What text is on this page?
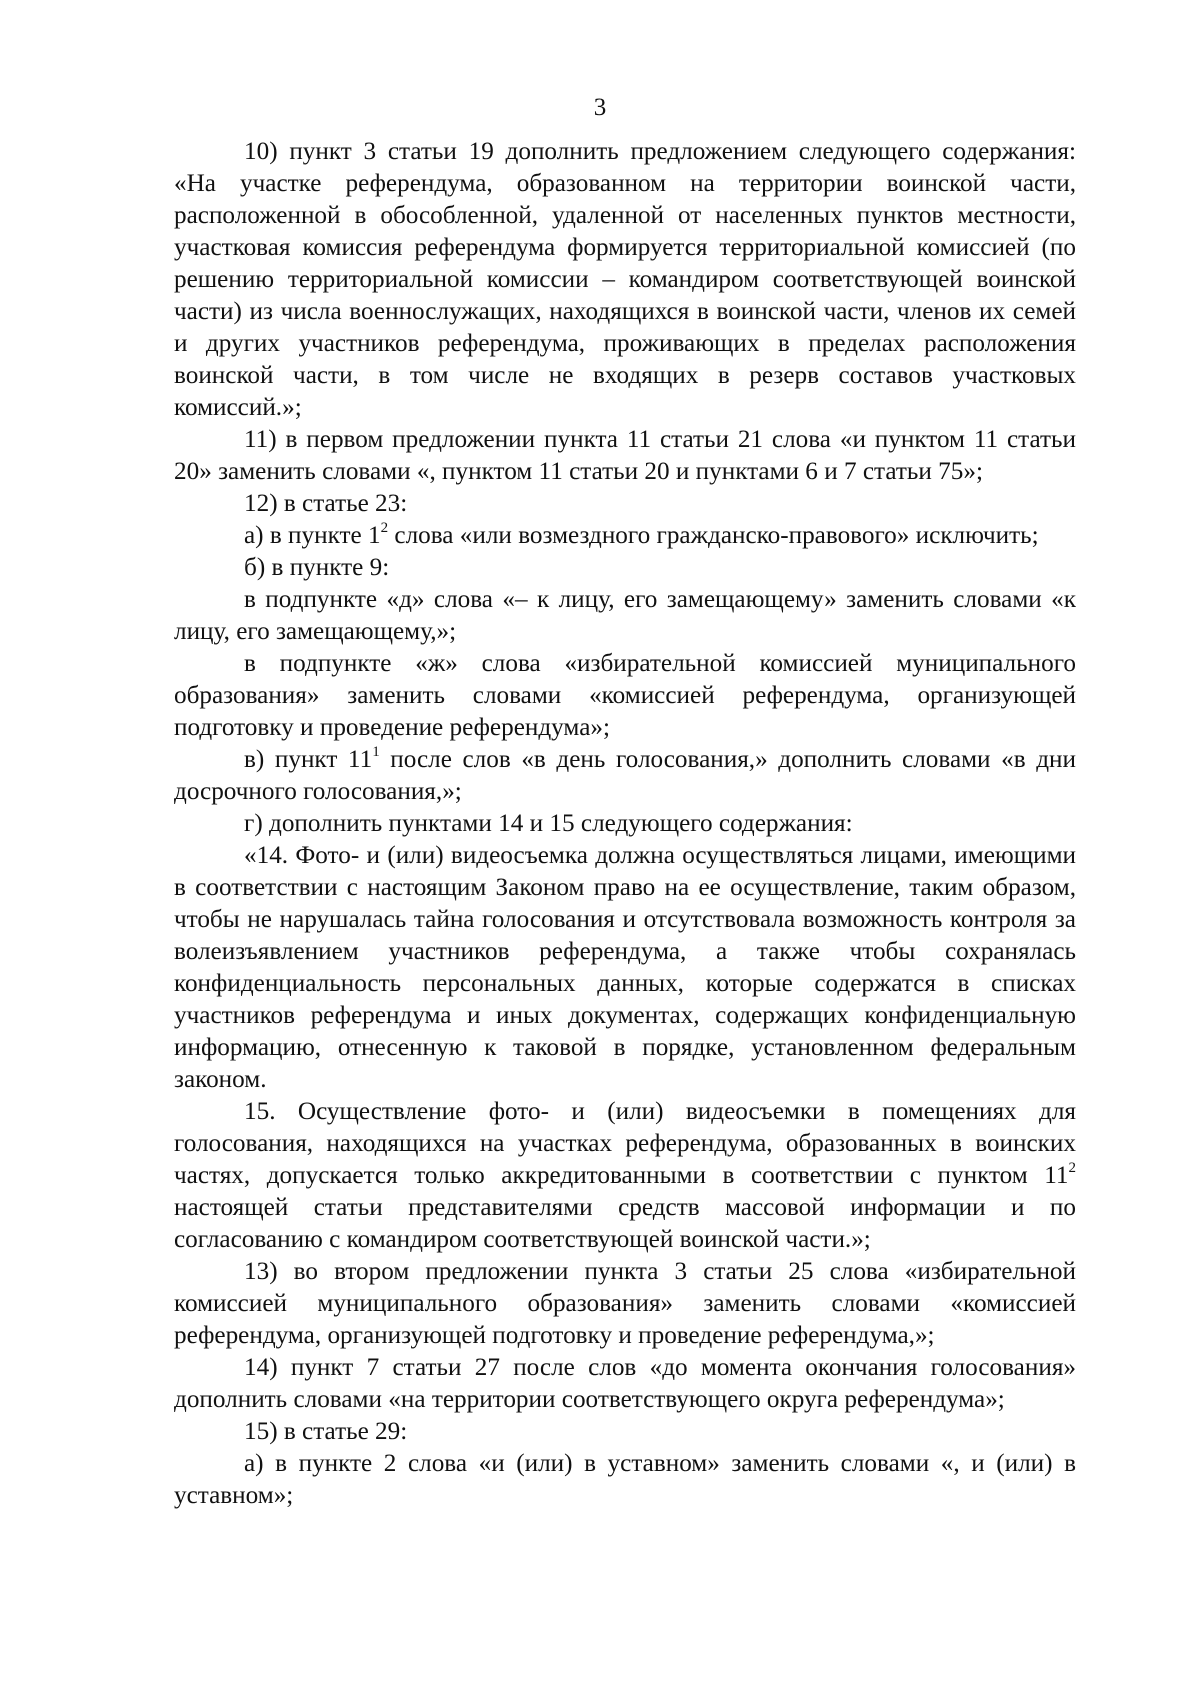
3

10) пункт 3 статьи 19 дополнить предложением следующего содержания: «На участке референдума, образованном на территории воинской части, расположенной в обособленной, удаленной от населенных пунктов местности, участковая комиссия референдума формируется территориальной комиссией (по решению территориальной комиссии – командиром соответствующей воинской части) из числа военнослужащих, находящихся в воинской части, членов их семей и других участников референдума, проживающих в пределах расположения воинской части, в том числе не входящих в резерв составов участковых комиссий.»;

11) в первом предложении пункта 11 статьи 21 слова «и пунктом 11 статьи 20» заменить словами «, пунктом 11 статьи 20 и пунктами 6 и 7 статьи 75»;

12) в статье 23:

а) в пункте $1^2$ слова «или возмездного гражданско-правового» исключить;

б) в пункте 9:

в подпункте «д» слова «– к лицу, его замещающему» заменить словами «к лицу, его замещающему,»;

в подпункте «ж» слова «избирательной комиссией муниципального образования» заменить словами «комиссией референдума, организующей подготовку и проведение референдума»;

в) пункт $11^1$ после слов «в день голосования,» дополнить словами «в дни досрочного голосования,»;

г) дополнить пунктами 14 и 15 следующего содержания:

«14. Фото- и (или) видеосъемка должна осуществляться лицами, имеющими в соответствии с настоящим Законом право на ее осуществление, таким образом, чтобы не нарушалась тайна голосования и отсутствовала возможность контроля за волеизъявлением участников референдума, а также чтобы сохранялась конфиденциальность персональных данных, которые содержатся в списках участников референдума и иных документах, содержащих конфиденциальную информацию, отнесенную к таковой в порядке, установленном федеральным законом.

15. Осуществление фото- и (или) видеосъемки в помещениях для голосования, находящихся на участках референдума, образованных в воинских частях, допускается только аккредитованными в соответствии с пунктом $11^2$ настоящей статьи представителями средств массовой информации и по согласованию с командиром соответствующей воинской части.»;

13) во втором предложении пункта 3 статьи 25 слова «избирательной комиссией муниципального образования» заменить словами «комиссией референдума, организующей подготовку и проведение референдума,»;

14) пункт 7 статьи 27 после слов «до момента окончания голосования» дополнить словами «на территории соответствующего округа референдума»;

15) в статье 29:

а) в пункте 2 слова «и (или) в уставном» заменить словами «, и (или) в уставном»;
